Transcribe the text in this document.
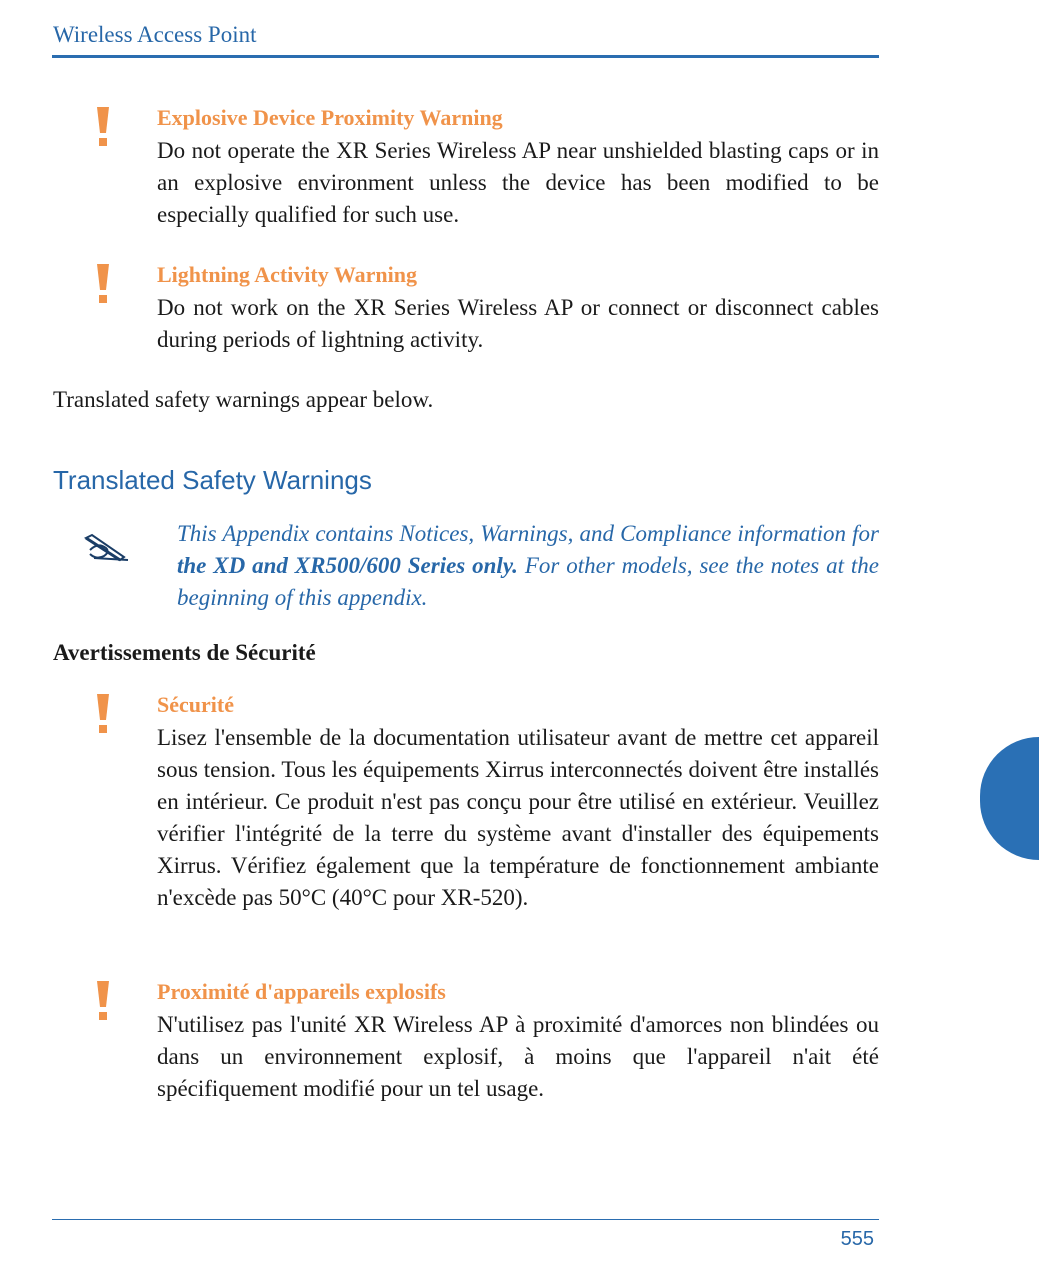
Wireless Access Point
Explosive Device Proximity Warning
Do not operate the XR Series Wireless AP near unshielded blasting caps or in an explosive environment unless the device has been modified to be especially qualified for such use.
Lightning Activity Warning
Do not work on the XR Series Wireless AP or connect or disconnect cables during periods of lightning activity.
Translated safety warnings appear below.
Translated Safety Warnings
This Appendix contains Notices, Warnings, and Compliance information for the XD and XR500/600 Series only. For other models, see the notes at the beginning of this appendix.
Avertissements de Sécurité
Sécurité
Lisez l'ensemble de la documentation utilisateur avant de mettre cet appareil sous tension. Tous les équipements Xirrus interconnectés doivent être installés en intérieur. Ce produit n'est pas conçu pour être utilisé en extérieur. Veuillez vérifier l'intégrité de la terre du système avant d'installer des équipements Xirrus. Vérifiez également que la température de fonctionnement ambiante n'excède pas 50°C (40°C pour XR-520).
Proximité d'appareils explosifs
N'utilisez pas l'unité XR Wireless AP à proximité d'amorces non blindées ou dans un environnement explosif, à moins que l'appareil n'ait été spécifiquement modifié pour un tel usage.
555
